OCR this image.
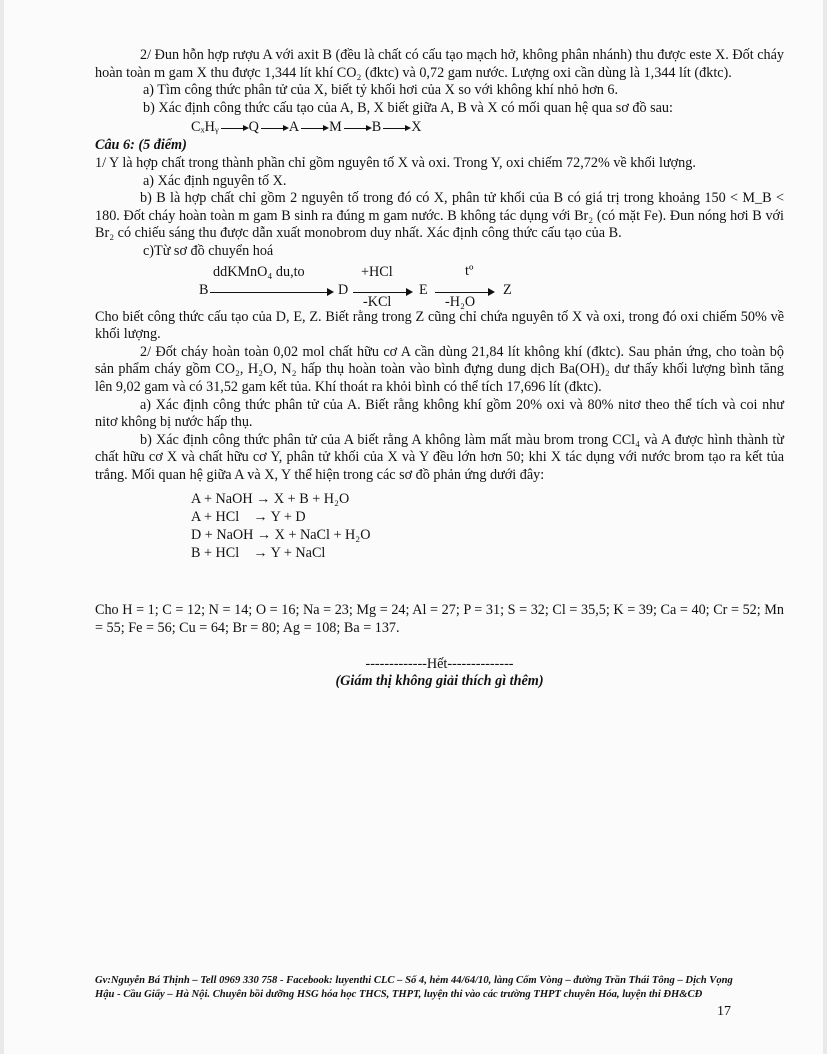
2/ Đun hỗn hợp rượu A với axit B (đều là chất có cấu tạo mạch hở, không phân nhánh) thu được este X. Đốt cháy hoàn toàn m gam X thu được 1,344 lít khí CO₂ (đktc) và 0,72 gam nước. Lượng oxi cần dùng là 1,344 lít (đktc).

a) Tìm công thức phân tử của X, biết tỷ khối hơi của X so với không khí nhỏ hơn 6.

b) Xác định công thức cấu tạo của A, B, X biết giữa A, B và X có mối quan hệ qua sơ đồ sau:

CₓHᵧ Q A M B X

Câu 6: (5 điểm)

1/ Y là hợp chất trong thành phần chỉ gồm nguyên tố X và oxi. Trong Y, oxi chiếm 72,72% về khối lượng.

a) Xác định nguyên tố X.

b) B là hợp chất chỉ gồm 2 nguyên tố trong đó có X, phân tử khối của B có giá trị trong khoảng 150 < M_B < 180. Đốt cháy hoàn toàn m gam B sinh ra đúng m gam nước. B không tác dụng với Br₂ (có mặt Fe). Đun nóng hơi B với Br₂ có chiếu sáng thu được dẫn xuất monobrom duy nhất. Xác định công thức cấu tạo của B.

c)Từ sơ đồ chuyển hoá

B
ddKMnO₄ du,to
D
+HCl
-KCl
E
tº
-H₂O
Z

Cho biết công thức cấu tạo của D, E, Z. Biết rằng trong Z cũng chỉ chứa nguyên tố X và oxi, trong đó oxi chiếm 50% về khối lượng.

2/ Đốt cháy hoàn toàn 0,02 mol chất hữu cơ A cần dùng 21,84 lít không khí (đktc). Sau phản ứng, cho toàn bộ sản phẩm cháy gồm CO₂, H₂O, N₂ hấp thụ hoàn toàn vào bình đựng dung dịch Ba(OH)₂ dư thấy khối lượng bình tăng lên 9,02 gam và có 31,52 gam kết tủa. Khí thoát ra khỏi bình có thể tích 17,696 lít (đktc).

a) Xác định công thức phân tử của A. Biết rằng không khí gồm 20% oxi và 80% nitơ theo thể tích và coi như nitơ không bị nước hấp thụ.

b) Xác định công thức phân tử của A biết rằng A không làm mất màu brom trong CCl₄ và A được hình thành từ chất hữu cơ X và chất hữu cơ Y, phân tử khối của X và Y đều lớn hơn 50; khi X tác dụng với nước brom tạo ra kết tủa trắng. Mối quan hệ giữa A và X, Y thể hiện trong các sơ đồ phản ứng dưới đây:

A + NaOH → X + B + H₂O

A + HCl    → Y + D

D + NaOH → X + NaCl + H₂O

B + HCl    → Y + NaCl

Cho H = 1; C = 12; N = 14; O = 16; Na = 23; Mg = 24; Al = 27; P = 31; S = 32; Cl = 35,5; K = 39; Ca = 40; Cr = 52; Mn = 55; Fe = 56; Cu = 64; Br = 80; Ag = 108; Ba = 137.

-------------Hết--------------

(Giám thị không giải thích gì thêm)

Gv:Nguyễn Bá Thịnh – Tell 0969 330 758 - Facebook: luyenthi CLC – Số 4, hẻm 44/64/10, làng Cốm Vòng – đường Trần Thái Tông – Dịch Vọng Hậu - Cầu Giấy – Hà Nội. Chuyên bồi dưỡng HSG hóa học THCS, THPT, luyện thi vào các trường THPT chuyên Hóa, luyện thi ĐH&CĐ
17
